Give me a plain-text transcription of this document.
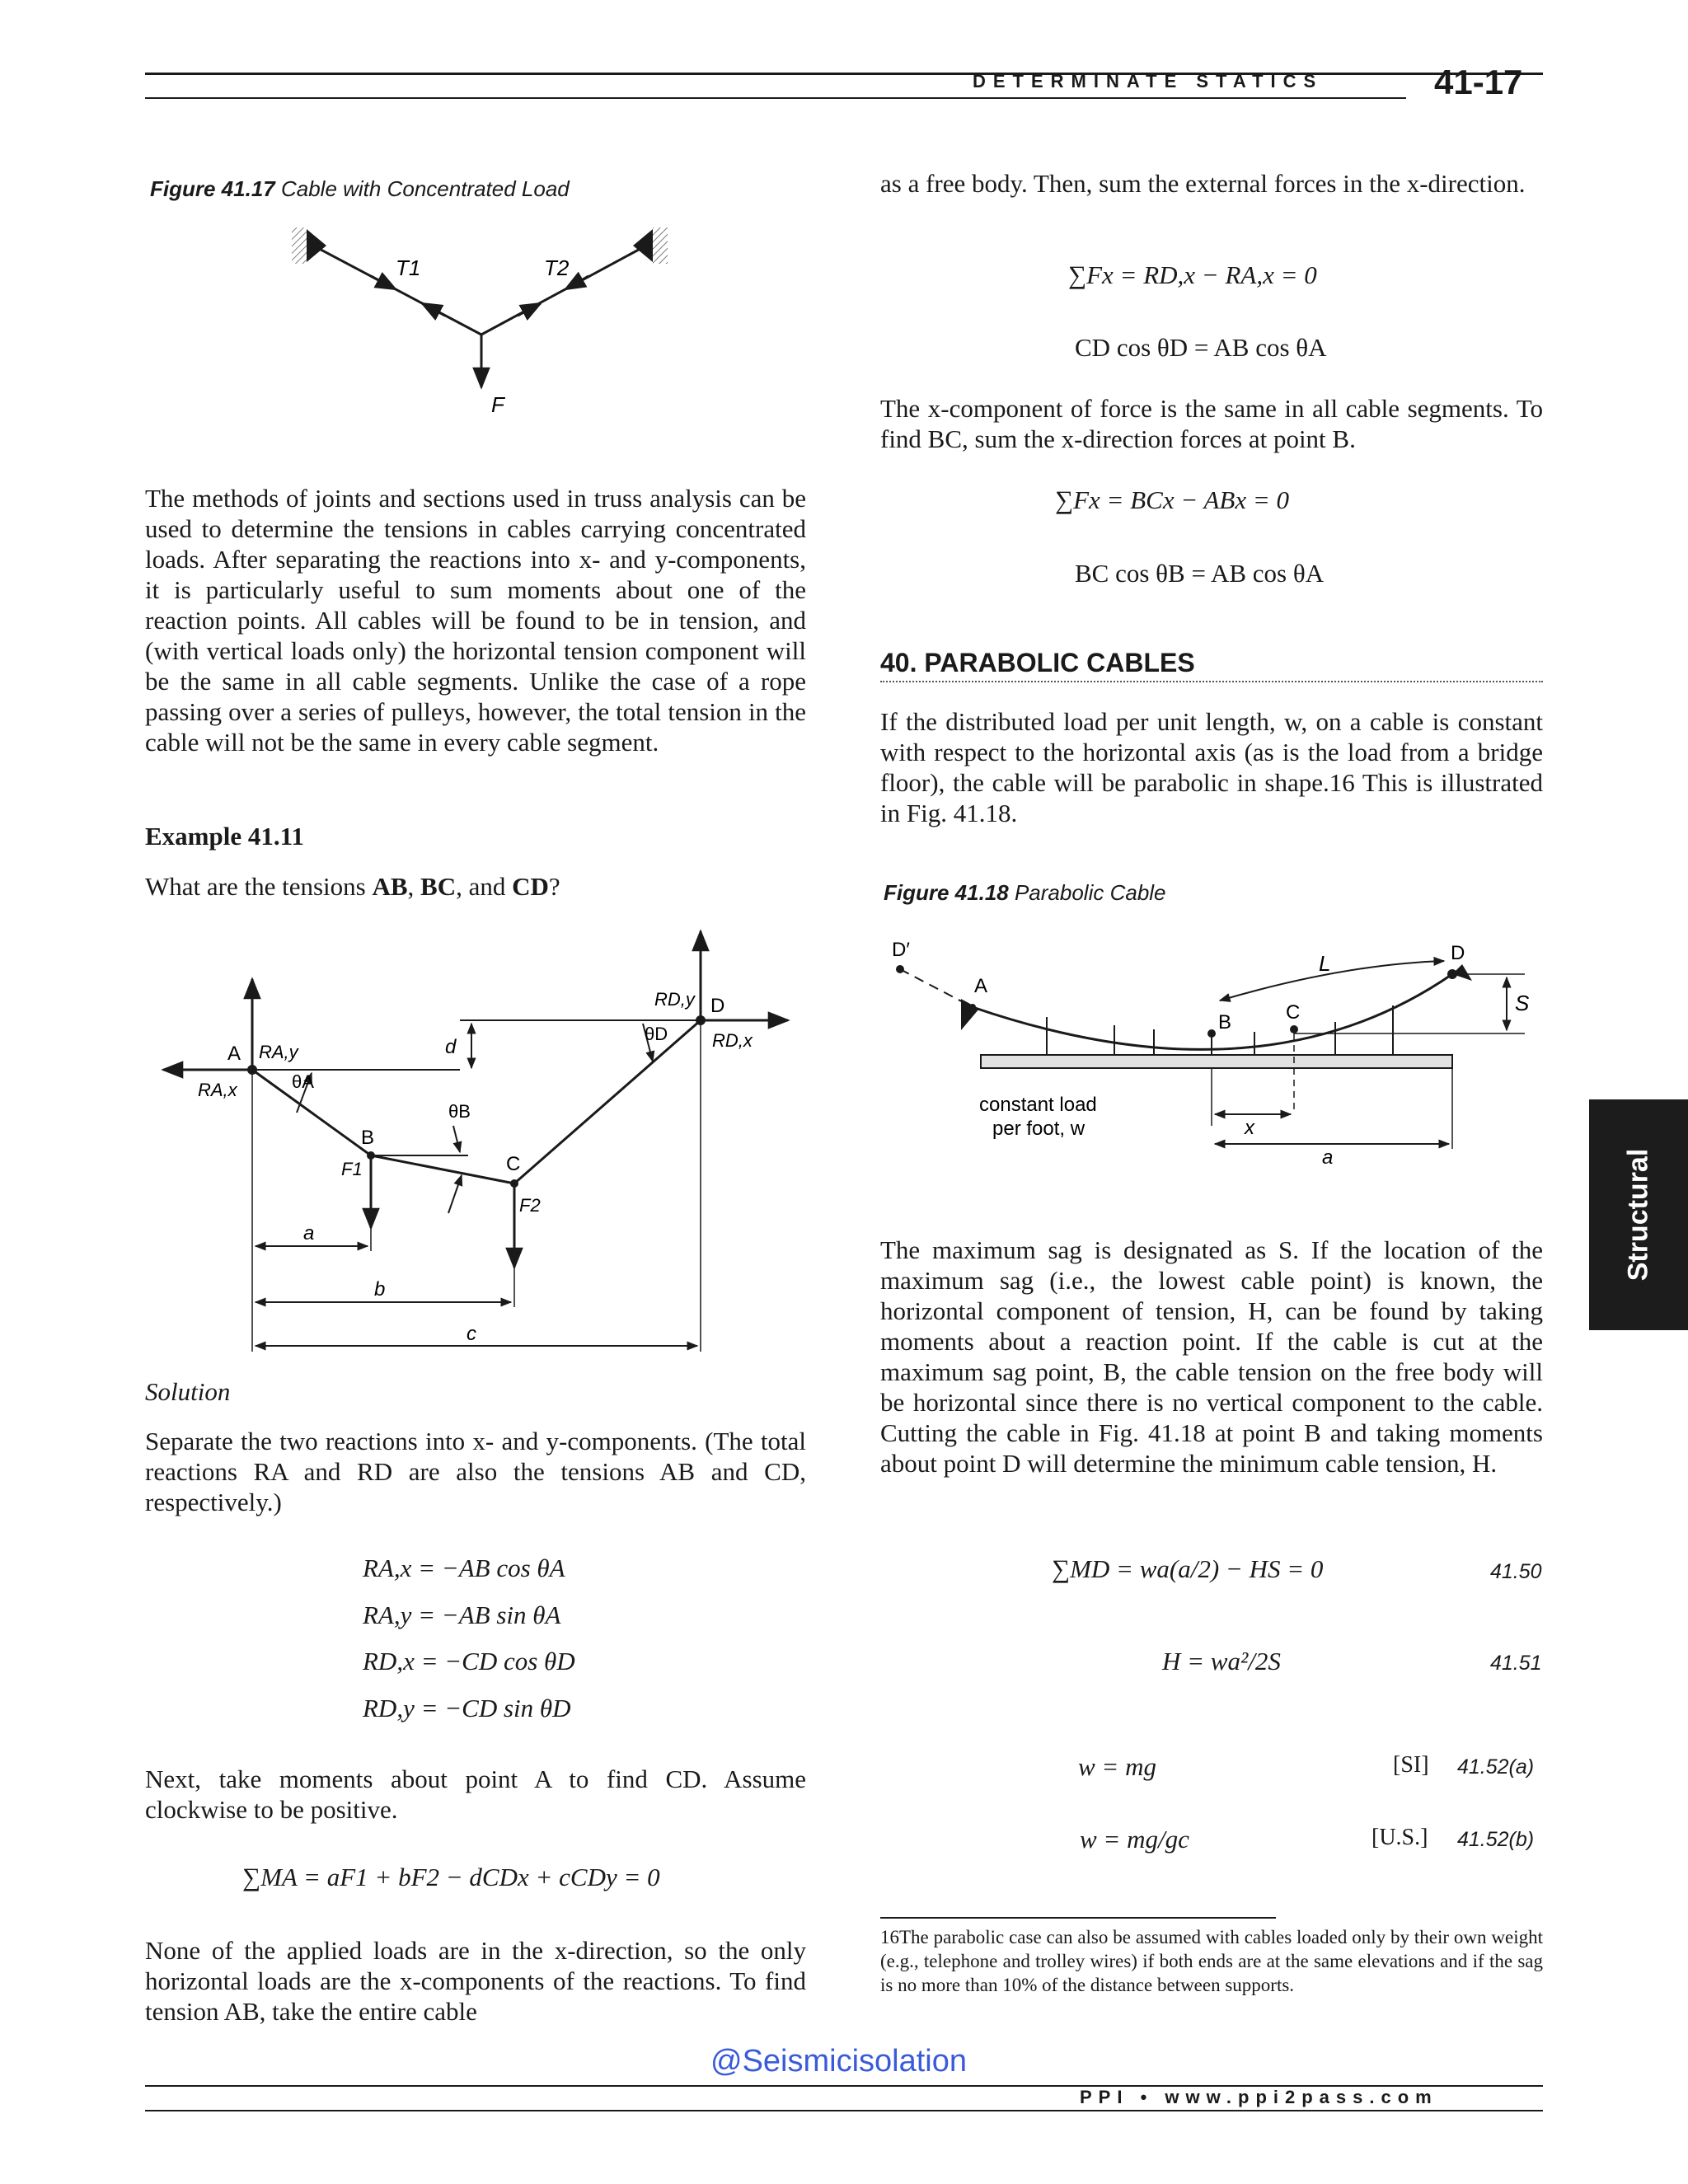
DETERMINATE STATICS	41-17
Figure 41.17 Cable with Concentrated Load
T1	T2
F
The methods of joints and sections used in truss analysis can be used to determine the tensions in cables carrying concentrated loads. After separating the reactions into x- and y-components, it is particularly useful to sum moments about one of the reaction points. All cables will be found to be in tension, and (with vertical loads only) the horizontal tension component will be the same in all cable segments. Unlike the case of a rope passing over a series of pulleys, however, the total tension in the cable will not be the same in every cable segment.
Example 41.11
What are the tensions AB, BC, and CD?
A RA,y
RA,x	θA
d
RD,y D
θD RD,x
θB
B
C
F1
F2
a
b
c
Solution
Separate the two reactions into x- and y-components. (The total reactions RA and RD are also the tensions AB and CD, respectively.)
RA,x = −AB cos θA
RA,y = −AB sin θA
RD,x = −CD cos θD
RD,y = −CD sin θD
Next, take moments about point A to find CD. Assume clockwise to be positive.
∑MA = aF1 + bF2 − dCDx + cCDy = 0
None of the applied loads are in the x-direction, so the only horizontal loads are the x-components of the reactions. To find tension AB, take the entire cable
as a free body. Then, sum the external forces in the x-direction.
∑Fx = RD,x − RA,x = 0
CD cos θD = AB cos θA
The x-component of force is the same in all cable segments. To find BC, sum the x-direction forces at point B.
∑Fx = BCx − ABx = 0
BC cos θB = AB cos θA
40. PARABOLIC CABLES
If the distributed load per unit length, w, on a cable is constant with respect to the horizontal axis (as is the load from a bridge floor), the cable will be parabolic in shape.16 This is illustrated in Fig. 41.18.
Figure 41.18 Parabolic Cable
D′
A
L	D
S
B	C
constant load
per foot, w	x
a
The maximum sag is designated as S. If the location of the maximum sag (i.e., the lowest cable point) is known, the horizontal component of tension, H, can be found by taking moments about a reaction point. If the cable is cut at the maximum sag point, B, the cable tension on the free body will be horizontal since there is no vertical component to the cable. Cutting the cable in Fig. 41.18 at point B and taking moments about point D will determine the minimum cable tension, H.
∑MD = wa(a/2) − HS = 0	41.50
H = wa²/2S	41.51
w = mg	[SI] 41.52(a)
w = mg/gc	[U.S.] 41.52(b)
16The parabolic case can also be assumed with cables loaded only by their own weight (e.g., telephone and trolley wires) if both ends are at the same elevations and if the sag is no more than 10% of the distance between supports.
Structural
@Seismicisolation
PPI • www.ppi2pass.com
